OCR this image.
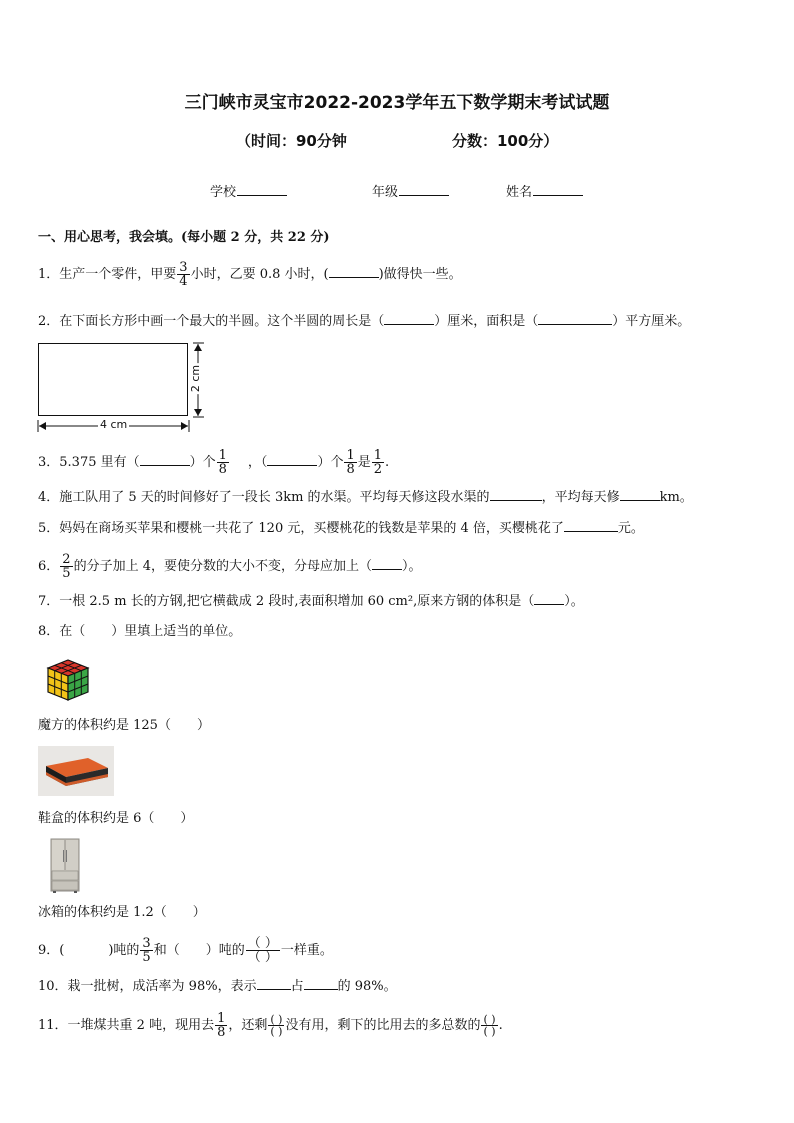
三门峡市灵宝市2022-2023学年五下数学期末考试试题
（时间：90分钟	分数：100分）
学校	年级	姓名
一、用心思考，我会填。(每小题 2 分，共 22 分)
1．生产一个零件，甲要 $\frac{3}{4}$ 小时，乙要 0.8 小时，(	)做得快一些。
2．在下面长方形中画一个最大的半圆。这个半圆的周长是（	）厘米，面积是（	）平方厘米。
4 cm
2 cm
3．5.375 里有（	）个 $\frac{1}{8}$ ，（	）个 $\frac{1}{8}$ 是 $\frac{1}{2}$ .
4．施工队用了 5 天的时间修好了一段长 3km 的水渠。平均每天修这段水渠的	，平均每天修	km。
5．妈妈在商场买苹果和樱桃一共花了 120 元，买樱桃花的钱数是苹果的 4 倍，买樱桃花了	元。
6． $\frac{2}{5}$ 的分子加上 4，要使分数的大小不变，分母应加上（ ）。
7．一根 2.5 m 长的方钢,把它横截成 2 段时,表面积增加 60 cm²,原来方钢的体积是（ ）。
8．在（　　）里填上适当的单位。
魔方的体积约是 125（　　）
鞋盒的体积约是 6（　　）
冰箱的体积约是 1.2（　　）
9．(	)吨的 $\frac{3}{5}$ 和（ ）吨的 $\frac{( )}{( )}$ 一样重。
10．栽一批树，成活率为 98%，表示	占	的 98%。
11．一堆煤共重 2 吨，现用去 $\frac{1}{8}$ ，还剩 $\frac{( )}{( )}$ 没有用，剩下的比用去的多总数的 $\frac{( )}{( )}$ .
